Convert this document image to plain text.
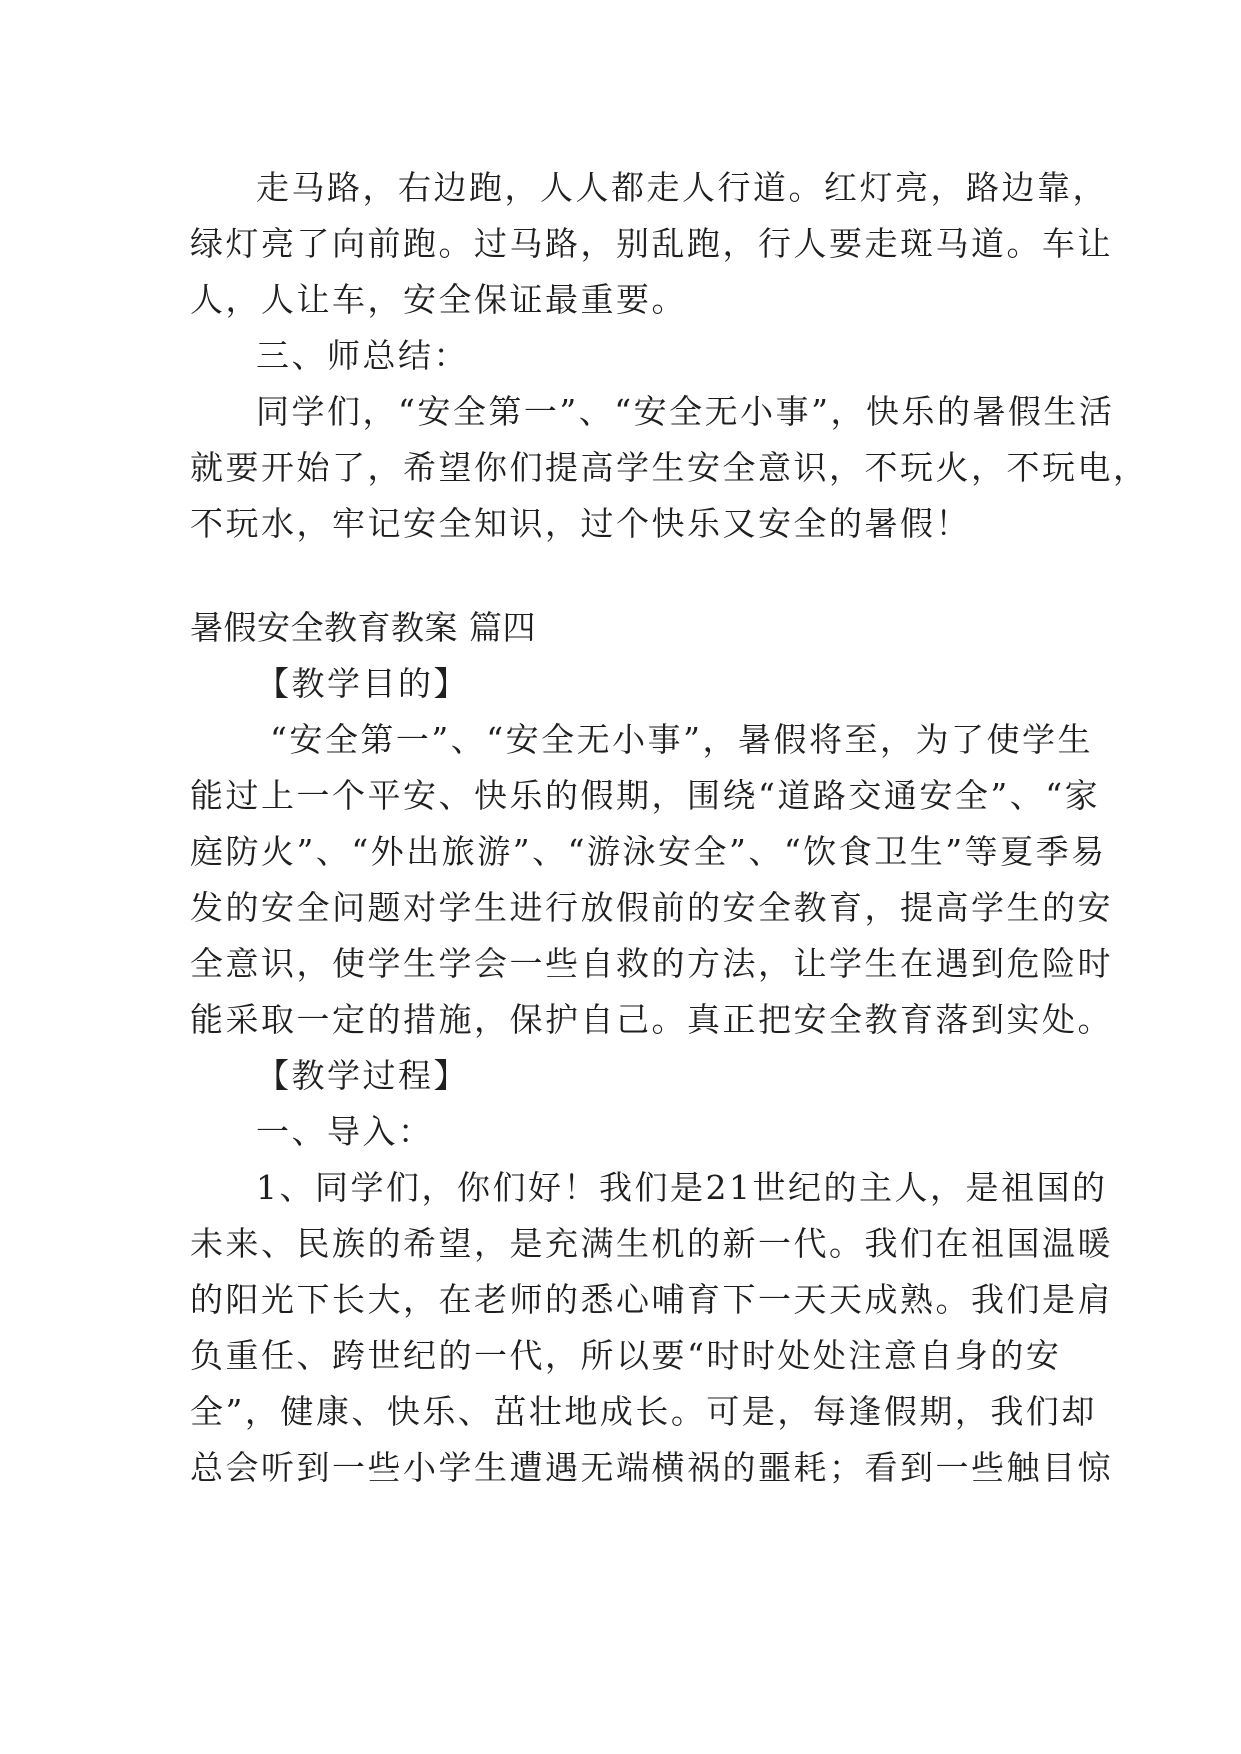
走马路，右边跑，人人都走人行道。红灯亮，路边靠，
绿灯亮了向前跑。过马路，别乱跑，行人要走斑马道。车让
人，人让车，安全保证最重要。
三、师总结：
同学们，“安全第一”、“安全无小事”，快乐的暑假生活
就要开始了，希望你们提高学生安全意识，不玩火，不玩电，
不玩水，牢记安全知识，过个快乐又安全的暑假！
暑假安全教育教案 篇四
【教学目的】
“安全第一”、“安全无小事”，暑假将至，为了使学生
能过上一个平安、快乐的假期，围绕“道路交通安全”、“家
庭防火”、“外出旅游”、“游泳安全”、“饮食卫生”等夏季易
发的安全问题对学生进行放假前的安全教育，提高学生的安
全意识，使学生学会一些自救的方法，让学生在遇到危险时
能采取一定的措施，保护自己。真正把安全教育落到实处。
【教学过程】
一、导入：
1、同学们，你们好！我们是21世纪的主人，是祖国的
未来、民族的希望，是充满生机的新一代。我们在祖国温暖
的阳光下长大，在老师的悉心哺育下一天天成熟。我们是肩
负重任、跨世纪的一代，所以要“时时处处注意自身的安
全”，健康、快乐、茁壮地成长。可是，每逢假期，我们却
总会听到一些小学生遭遇无端横祸的噩耗；看到一些触目惊
